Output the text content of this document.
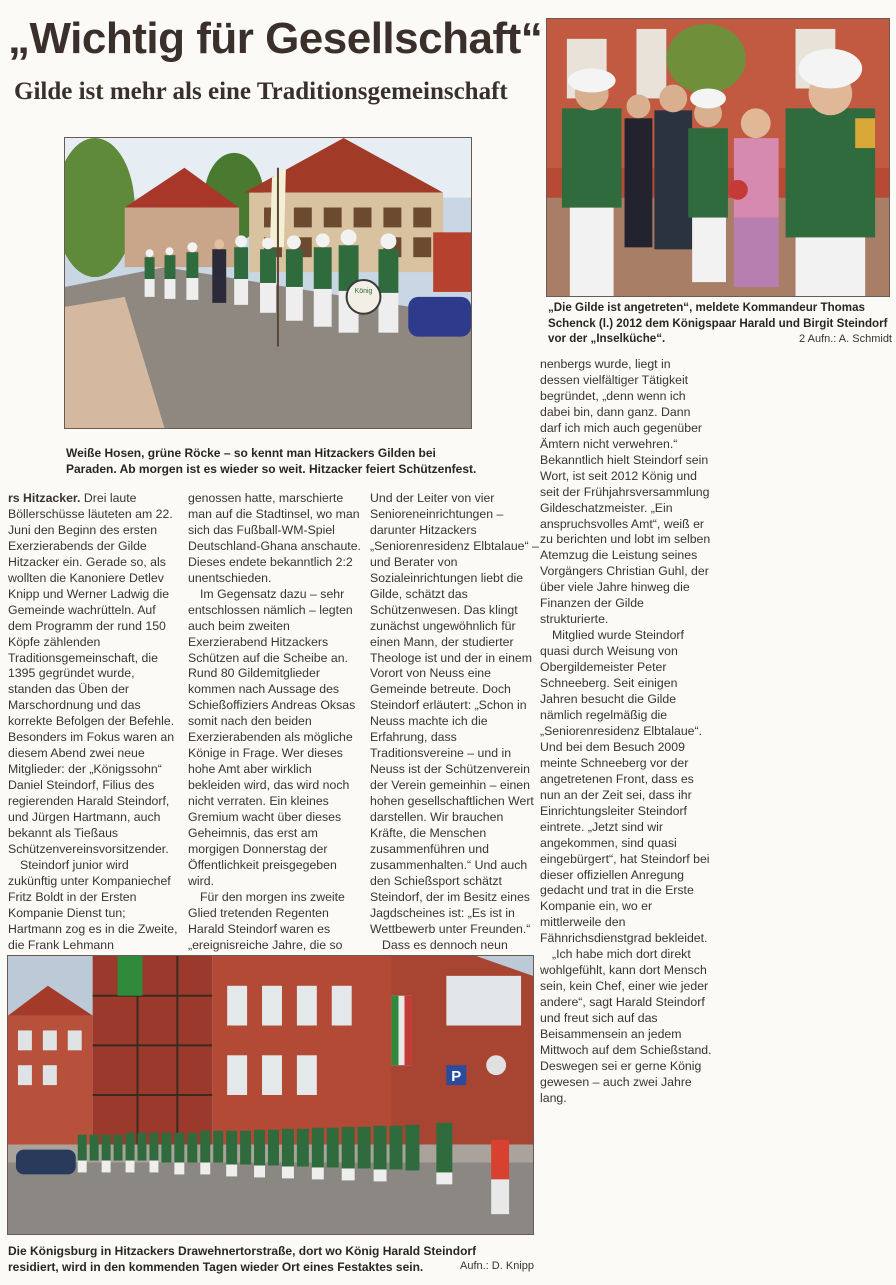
„Wichtig für Gesellschaft“
Gilde ist mehr als eine Traditionsgemeinschaft
König
Weiße Hosen, grüne Röcke – so kennt man Hitzackers Gilden bei Paraden. Ab morgen ist es wieder so weit. Hitzacker feiert Schützenfest.
„Die Gilde ist angetreten“, meldete Kommandeur Thomas Schenck (l.) 2012 dem Königspaar Harald und Birgit Steindorf vor der „Inselküche“.	2 Aufn.: A. Schmidt

rs Hitzacker. Drei laute Böllerschüsse läuteten am 22. Juni den Beginn des ersten Exerzierabends der Gilde Hitzacker ein. Gerade so, als wollten die Kanoniere Detlev Knipp und Werner Ladwig die Gemeinde wachrütteln. Auf dem Programm der rund 150 Köpfe zählenden Traditionsgemeinschaft, die 1395 gegründet wurde, standen das Üben der Marschordnung und das korrekte Befolgen der Befehle. Besonders im Fokus waren an diesem Abend zwei neue Mitglieder: der „Königssohn“ Daniel Steindorf, Filius des regierenden Harald Steindorf, und Jürgen Hartmann, auch bekannt als Tießaus Schützenvereinsvorsitzender.

Steindorf junior wird zukünftig unter Kompaniechef Fritz Boldt in der Ersten Kompanie Dienst tun; Hartmann zog es in die Zweite, die Frank Lehmann

genossen hatte, marschierte man auf die Stadtinsel, wo man sich das Fußball-WM-Spiel Deutschland-Ghana anschaute. Dieses endete bekanntlich 2:2 unentschieden.

Im Gegensatz dazu – sehr entschlossen nämlich – legten auch beim zweiten Exerzierabend Hitzackers Schützen auf die Scheibe an. Rund 80 Gildemitglieder kommen nach Aussage des Schießoffiziers Andreas Oksas somit nach den beiden Exerzierabenden als mögliche Könige in Frage. Wer dieses hohe Amt aber wirklich bekleiden wird, das wird noch nicht verraten. Ein kleines Gremium wacht über dieses Geheimnis, das erst am morgigen Donnerstag der Öffentlichkeit preisgegeben wird.

Für den morgen ins zweite Glied tretenden Regenten Harald Steindorf waren es „ereignisreiche Jahre, die so

Und der Leiter von vier Senioreneinrichtungen – darunter Hitzackers „Seniorenresidenz Elbtalaue“ – und Berater von Sozialeinrichtungen liebt die Gilde, schätzt das Schützenwesen. Das klingt zunächst ungewöhnlich für einen Mann, der studierter Theologe ist und der in einem Vorort von Neuss eine Gemeinde betreute. Doch Steindorf erläutert: „Schon in Neuss machte ich die Erfahrung, dass Traditionsvereine – und in Neuss ist der Schützenverein der Verein gemeinhin – einen hohen gesellschaftlichen Wert darstellen. Wir brauchen Kräfte, die Menschen zusammenführen und zusammenhalten.“ Und auch den Schießsport schätzt Steindorf, der im Besitz eines Jagdscheines ist: „Es ist in Wettbewerb unter Freunden.“

Dass es dennoch neun

nenbergs wurde, liegt in dessen vielfältiger Tätigkeit begründet, „denn wenn ich dabei bin, dann ganz. Dann darf ich mich auch gegenüber Ämtern nicht verwehren.“ Bekanntlich hielt Steindorf sein Wort, ist seit 2012 König und seit der Frühjahrsversammlung Gildeschatzmeister. „Ein anspruchsvolles Amt“, weiß er zu berichten und lobt im selben Atemzug die Leistung seines Vorgängers Christian Guhl, der über viele Jahre hinweg die Finanzen der Gilde strukturierte.

Mitglied wurde Steindorf quasi durch Weisung von Obergildemeister Peter Schneeberg. Seit einigen Jahren besucht die Gilde nämlich regelmäßig die „Seniorenresidenz Elbtalaue“. Und bei dem Besuch 2009 meinte Schneeberg vor der angetretenen Front, dass es nun an der Zeit sei, dass ihr Einrichtungsleiter Steindorf eintrete. „Jetzt sind wir angekommen, sind quasi eingebürgert“, hat Steindorf bei dieser offiziellen Anregung gedacht und trat in die Erste Kompanie ein, wo er mittlerweile den Fähnrichsdienstgrad bekleidet.

„Ich habe mich dort direkt wohlgefühlt, kann dort Mensch sein, kein Chef, einer wie jeder andere“, sagt Harald Steindorf und freut sich auf das Beisammensein an jedem Mittwoch auf dem Schießstand. Deswegen sei er gerne König gewesen – auch zwei Jahre lang.

P
Die Königsburg in Hitzackers Drawehnertorstraße, dort wo König Harald Steindorf residiert, wird in den kommenden Tagen wieder Ort eines Festaktes sein.	Aufn.: D. Knipp
